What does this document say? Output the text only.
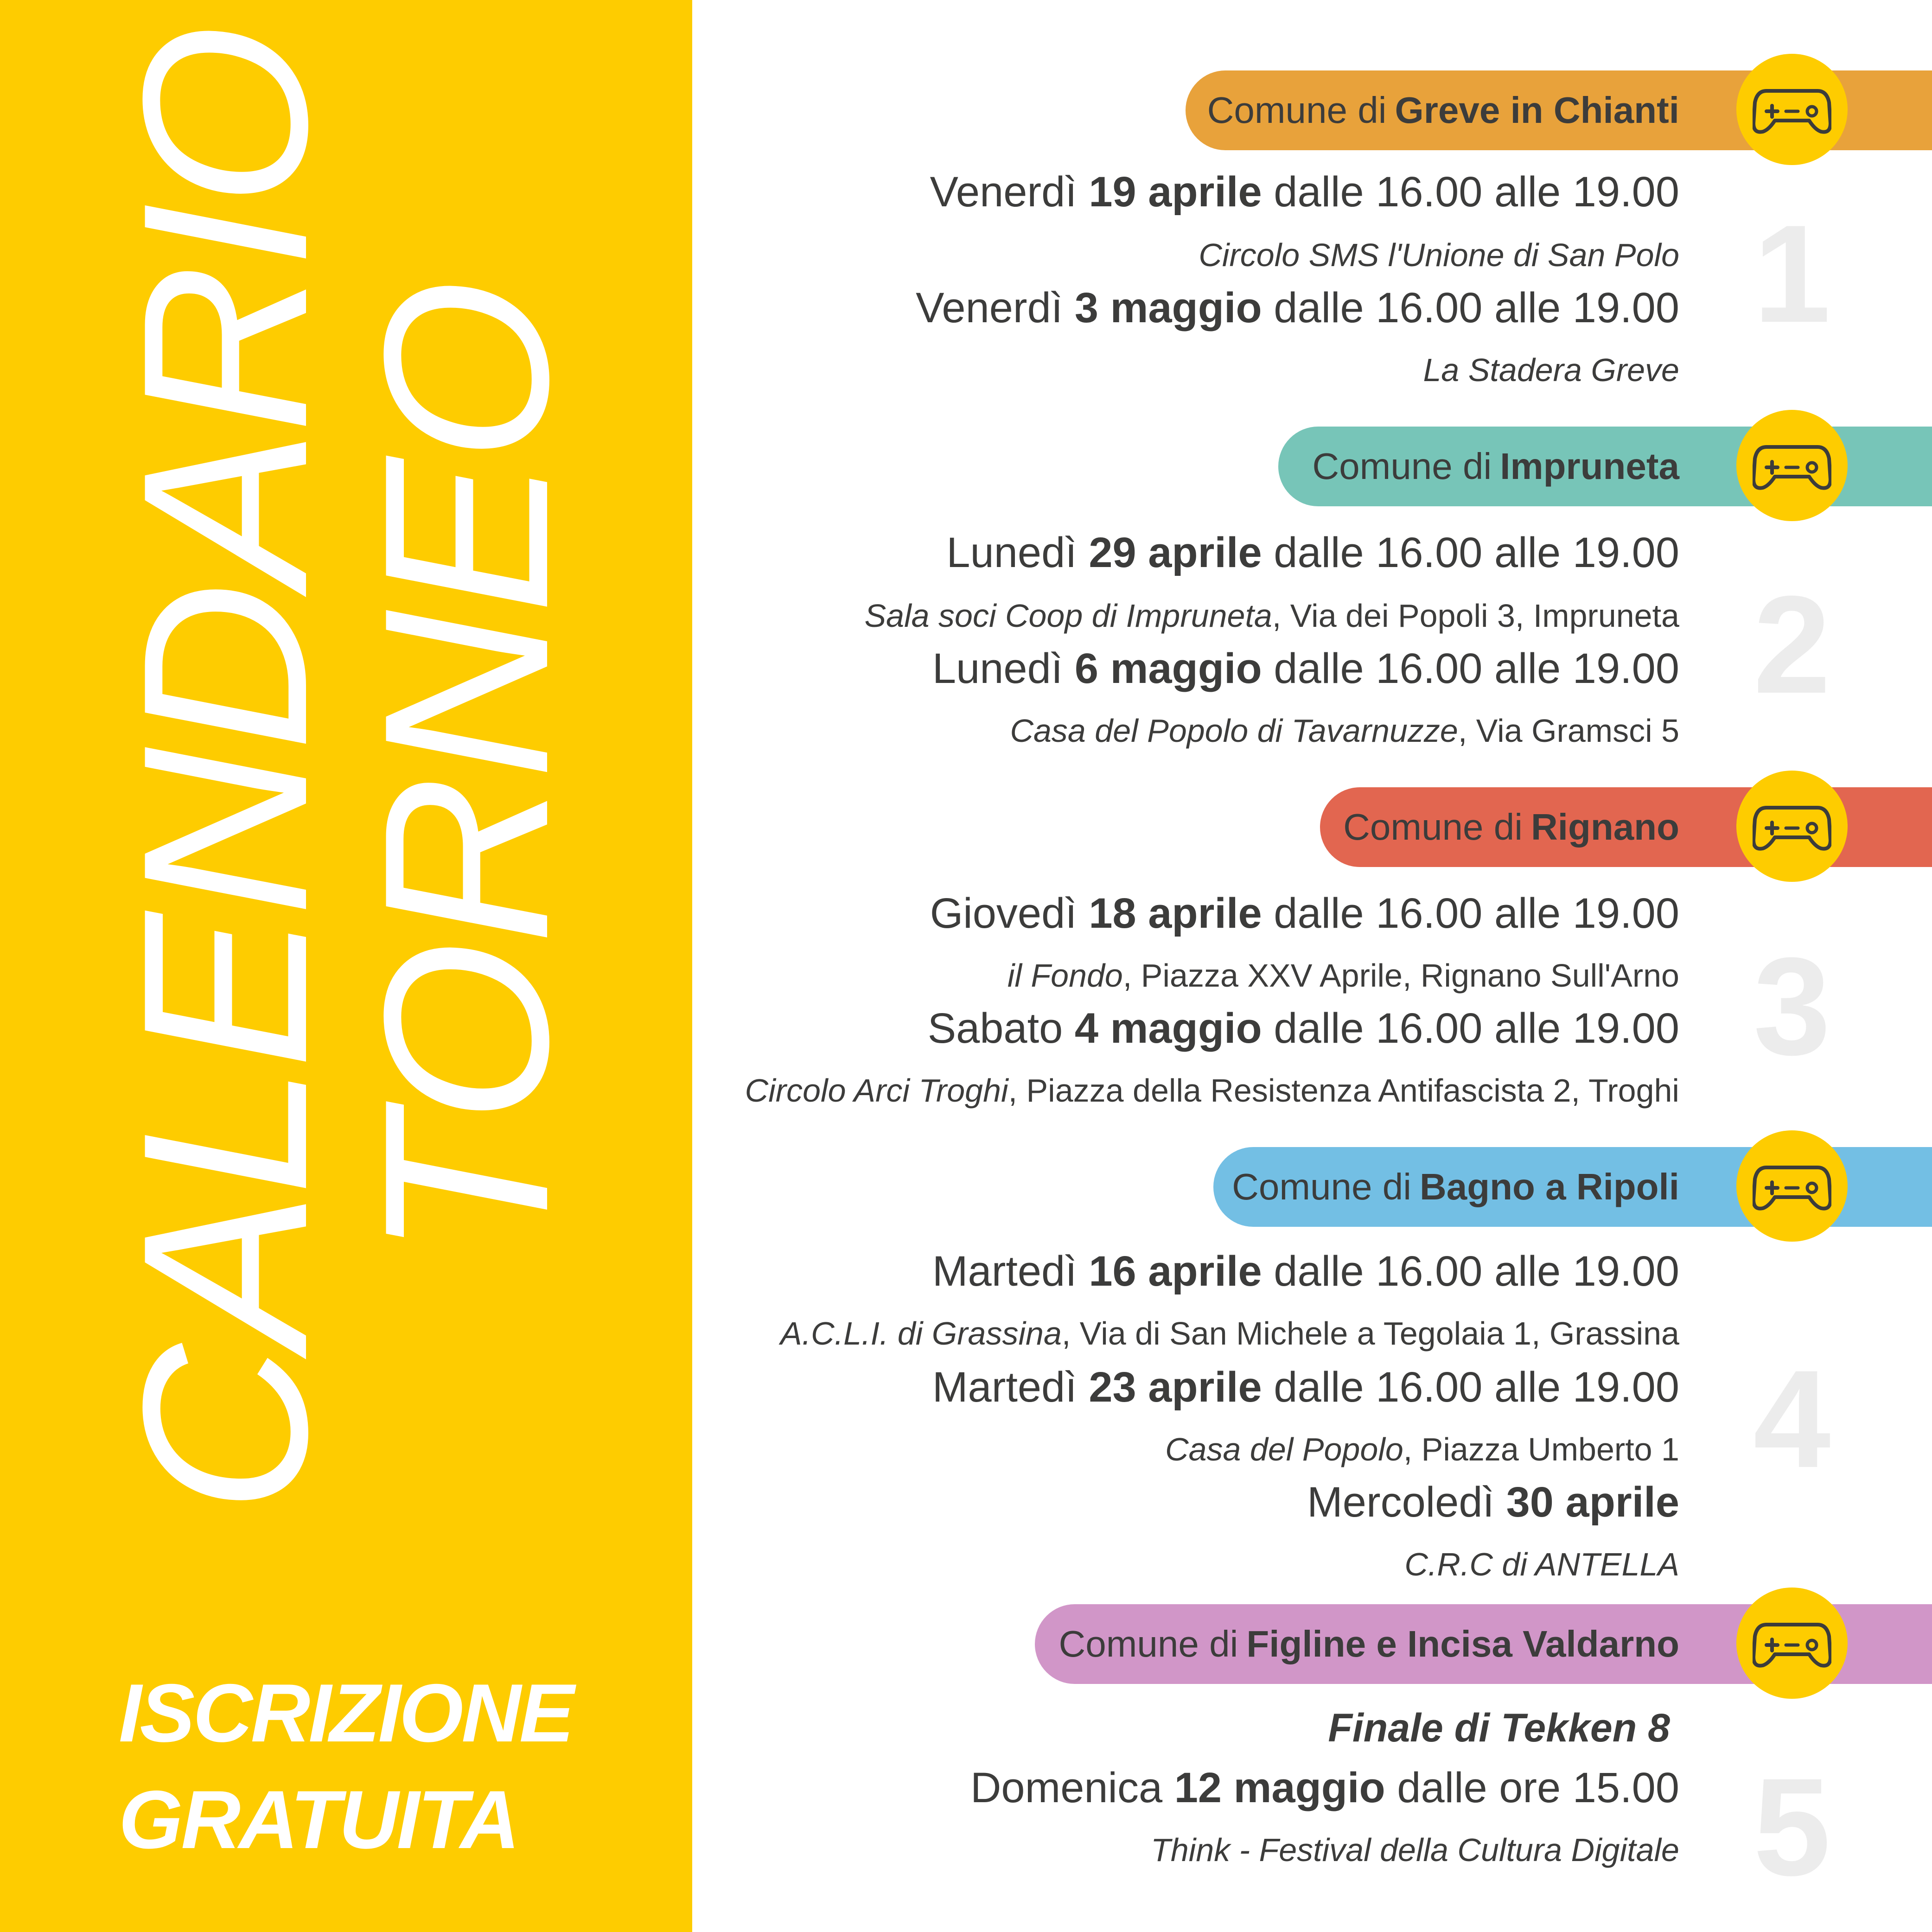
CALENDARIO
TORNEO
ISCRIZIONE
GRATUITA
Comune di Greve in Chianti
1
Venerdì 19 aprile dalle 16.00 alle 19.00
Circolo SMS l'Unione di San Polo
Venerdì 3 maggio dalle 16.00 alle 19.00
La Stadera Greve
Comune di Impruneta
2
Lunedì 29 aprile dalle 16.00 alle 19.00
Sala soci Coop di Impruneta, Via dei Popoli 3, Impruneta
Lunedì 6 maggio dalle 16.00 alle 19.00
Casa del Popolo di Tavarnuzze, Via Gramsci 5
Comune di Rignano
3
Giovedì 18 aprile dalle 16.00 alle 19.00
il Fondo, Piazza XXV Aprile, Rignano Sull'Arno
Sabato 4 maggio dalle 16.00 alle 19.00
Circolo Arci Troghi, Piazza della Resistenza Antifascista 2, Troghi
Comune di Bagno a Ripoli
4
Martedì 16 aprile dalle 16.00 alle 19.00
A.C.L.I. di Grassina, Via di San Michele a Tegolaia 1, Grassina
Martedì 23 aprile dalle 16.00 alle 19.00
Casa del Popolo, Piazza Umberto 1
Mercoledì 30 aprile
C.R.C di ANTELLA
Comune di Figline e Incisa Valdarno
5
Finale di Tekken 8
Domenica 12 maggio dalle ore 15.00
Think - Festival della Cultura Digitale
